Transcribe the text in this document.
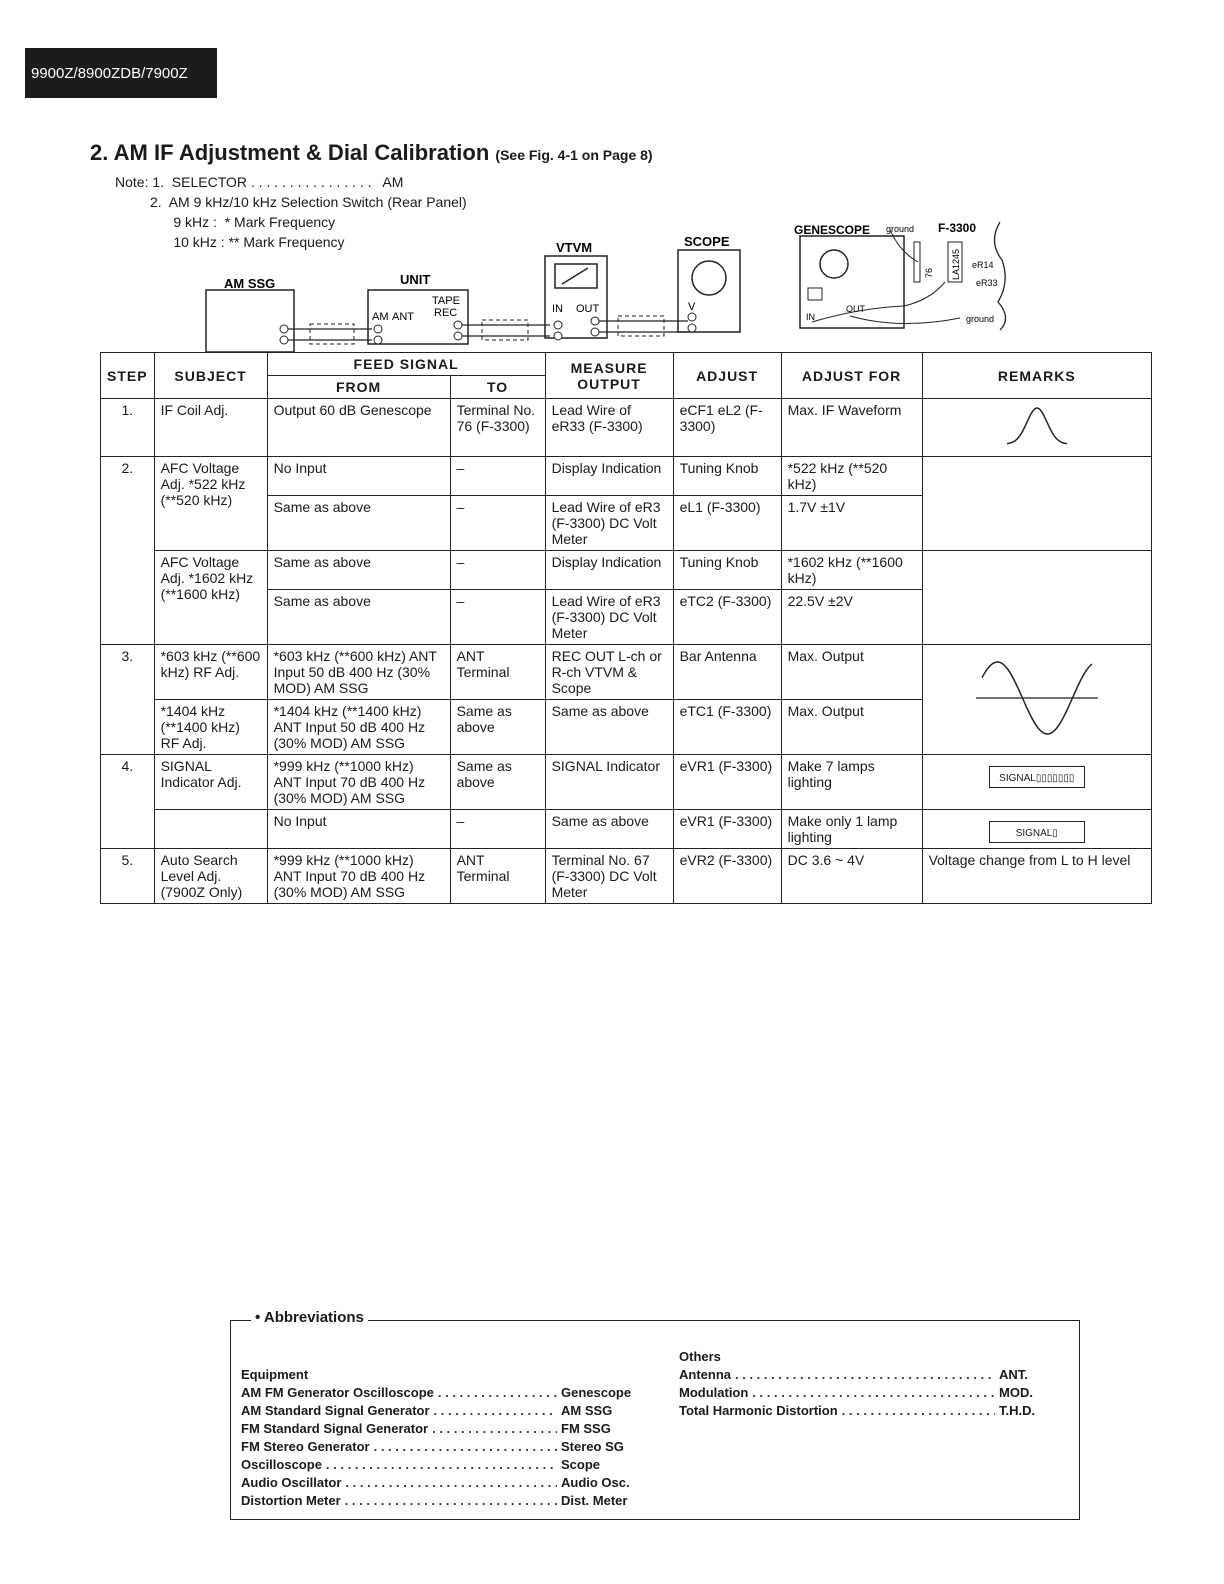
9900Z/8900ZDB/7900Z
2. AM IF Adjustment & Dial Calibration (See Fig. 4-1 on Page 8)
Note: 1.  SELECTOR . . . . . . . . . . . . . . . .   AM
2.  AM 9 kHz/10 kHz Selection Switch (Rear Panel)
9 kHz :  * Mark Frequency
10 kHz : ** Mark Frequency
AM SSG	UNIT
AM ANT
TAPE
REC
VTVM
IN OUT
SCOPE
V
GENESCOPE
IN
OUT
ground F-3300
LA1245
76
eR14
eR33
ground
STEP	SUBJECT	FEED SIGNAL		MEASURE OUTPUT	ADJUST	ADJUST FOR	REMARKS
		FROM	TO				
1.	IF Coil Adj.	Output 60 dB Genescope	Terminal No. 76 (F-3300)	Lead Wire of eR33 (F-3300)	eCF1 eL2 (F-3300)	Max. IF Waveform	
2.	AFC Voltage Adj. *522 kHz (**520 kHz)	No Input	–	Display Indication	Tuning Knob	*522 kHz (**520 kHz)	
		Same as above	–	Lead Wire of eR3 (F-3300) DC Volt Meter	eL1 (F-3300)	1.7V ±1V	
	AFC Voltage Adj. *1602 kHz (**1600 kHz)	Same as above	–	Display Indication	Tuning Knob	*1602 kHz (**1600 kHz)	
		Same as above	–	Lead Wire of eR3 (F-3300) DC Volt Meter	eTC2 (F-3300)	22.5V ±2V	
3.	*603 kHz (**600 kHz) RF Adj.	*603 kHz (**600 kHz) ANT Input 50 dB 400 Hz (30% MOD) AM SSG	ANT Terminal	REC OUT L-ch or R-ch VTVM & Scope	Bar Antenna	Max. Output	
	*1404 kHz (**1400 kHz) RF Adj.	*1404 kHz (**1400 kHz) ANT Input 50 dB 400 Hz (30% MOD) AM SSG	Same as above	Same as above	eTC1 (F-3300)	Max. Output	
4.	SIGNAL Indicator Adj.	*999 kHz (**1000 kHz) ANT Input 70 dB 400 Hz (30% MOD) AM SSG	Same as above	SIGNAL Indicator	eVR1 (F-3300)	Make 7 lamps lighting	SIGNAL▯▯▯▯▯▯▯
		No Input	–	Same as above	eVR1 (F-3300)	Make only 1 lamp lighting	SIGNAL▯
5.	Auto Search Level Adj. (7900Z Only)	*999 kHz (**1000 kHz) ANT Input 70 dB 400 Hz (30% MOD) AM SSG	ANT Terminal	Terminal No. 67 (F-3300) DC Volt Meter	eVR2 (F-3300)	DC 3.6 ~ 4V	Voltage change from L to H level
• Abbreviations
Equipment
AM FM Generator Oscilloscope . . .	Genescope
AM Standard Signal Generator . . .	AM SSG
FM Standard Signal Generator . . .	FM SSG
FM Stereo Generator . . .	Stereo SG
Oscilloscope . . .	Scope
Audio Oscillator . . .	Audio Osc.
Distortion Meter . . .	Dist. Meter
Others
Antenna . . .	ANT.
Modulation . . .	MOD.
Total Harmonic Distortion . . .	T.H.D.
